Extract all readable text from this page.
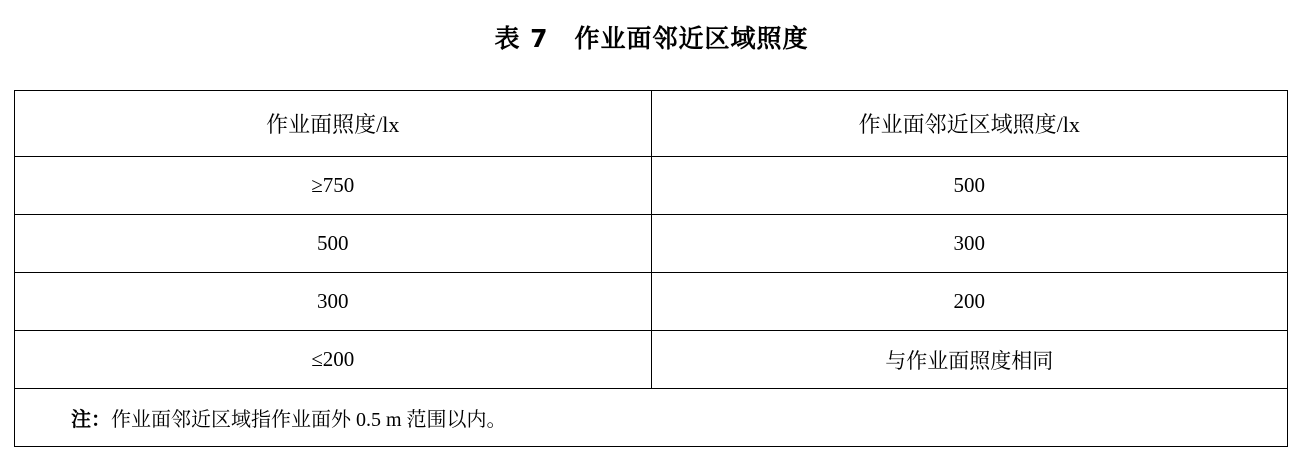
表 7　作业面邻近区域照度
作业面照度/lx	作业面邻近区域照度/lx

≥750	500

500	300

300	200

≤200	与作业面照度相同

注：作业面邻近区域指作业面外 0.5 m 范围以内。	
